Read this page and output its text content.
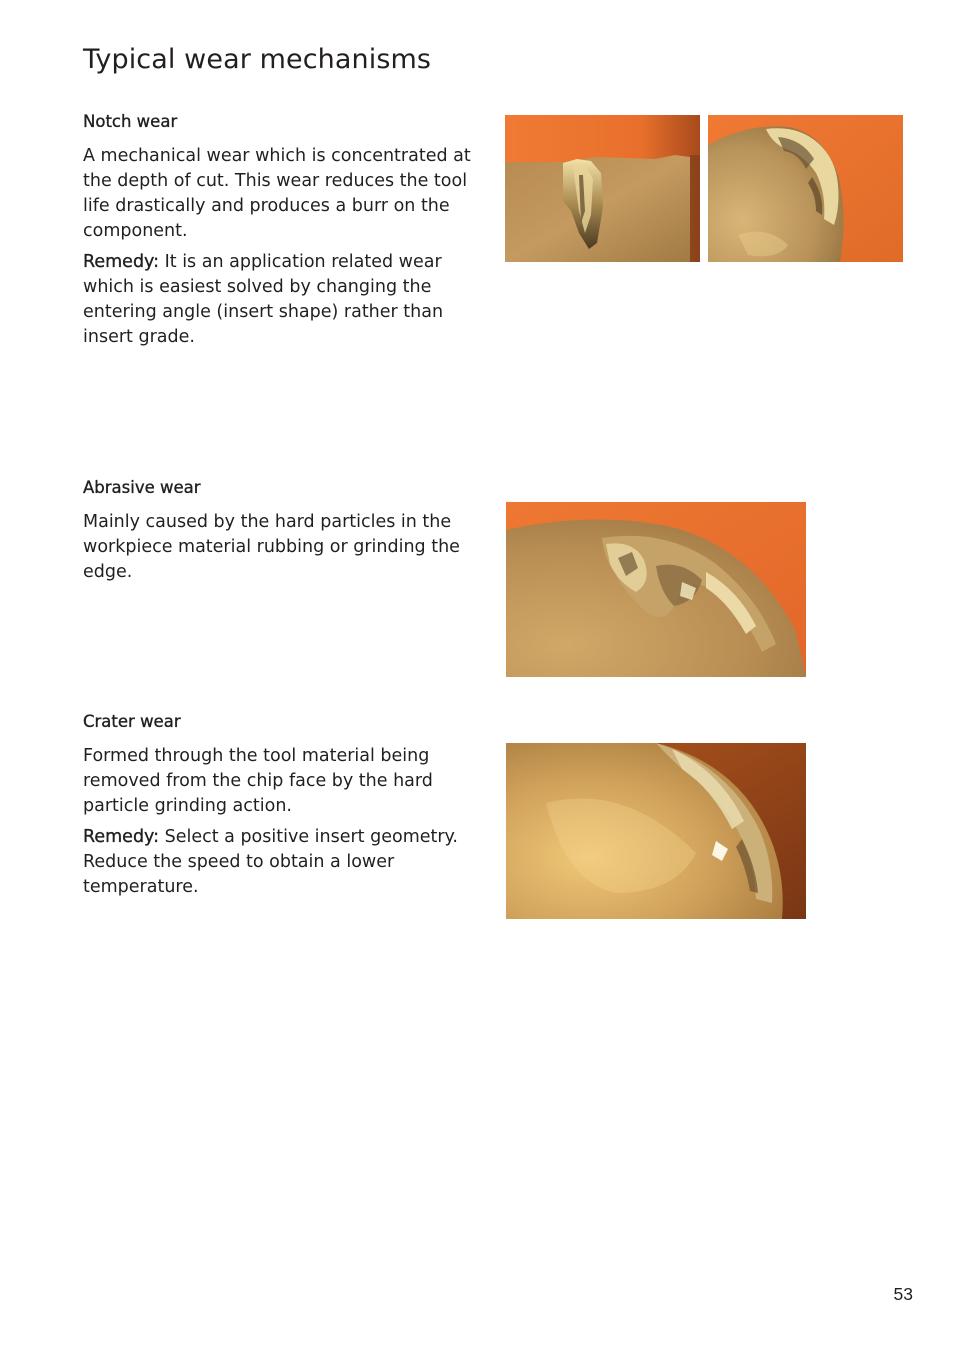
Typical wear mechanisms
Notch wear

A mechanical wear which is concentrated at the depth of cut. This wear reduces the tool life drastically and produces a burr on the component.

Remedy: It is an application related wear which is easiest solved by changing the entering angle (insert shape) rather than insert grade.

Abrasive wear

Mainly caused by the hard particles in the workpiece material rubbing or grinding the edge.

Crater wear

Formed through the tool material being removed from the chip face by the hard particle grinding action.

Remedy: Select a positive insert geometry. Reduce the speed to obtain a lower temperature.

53
